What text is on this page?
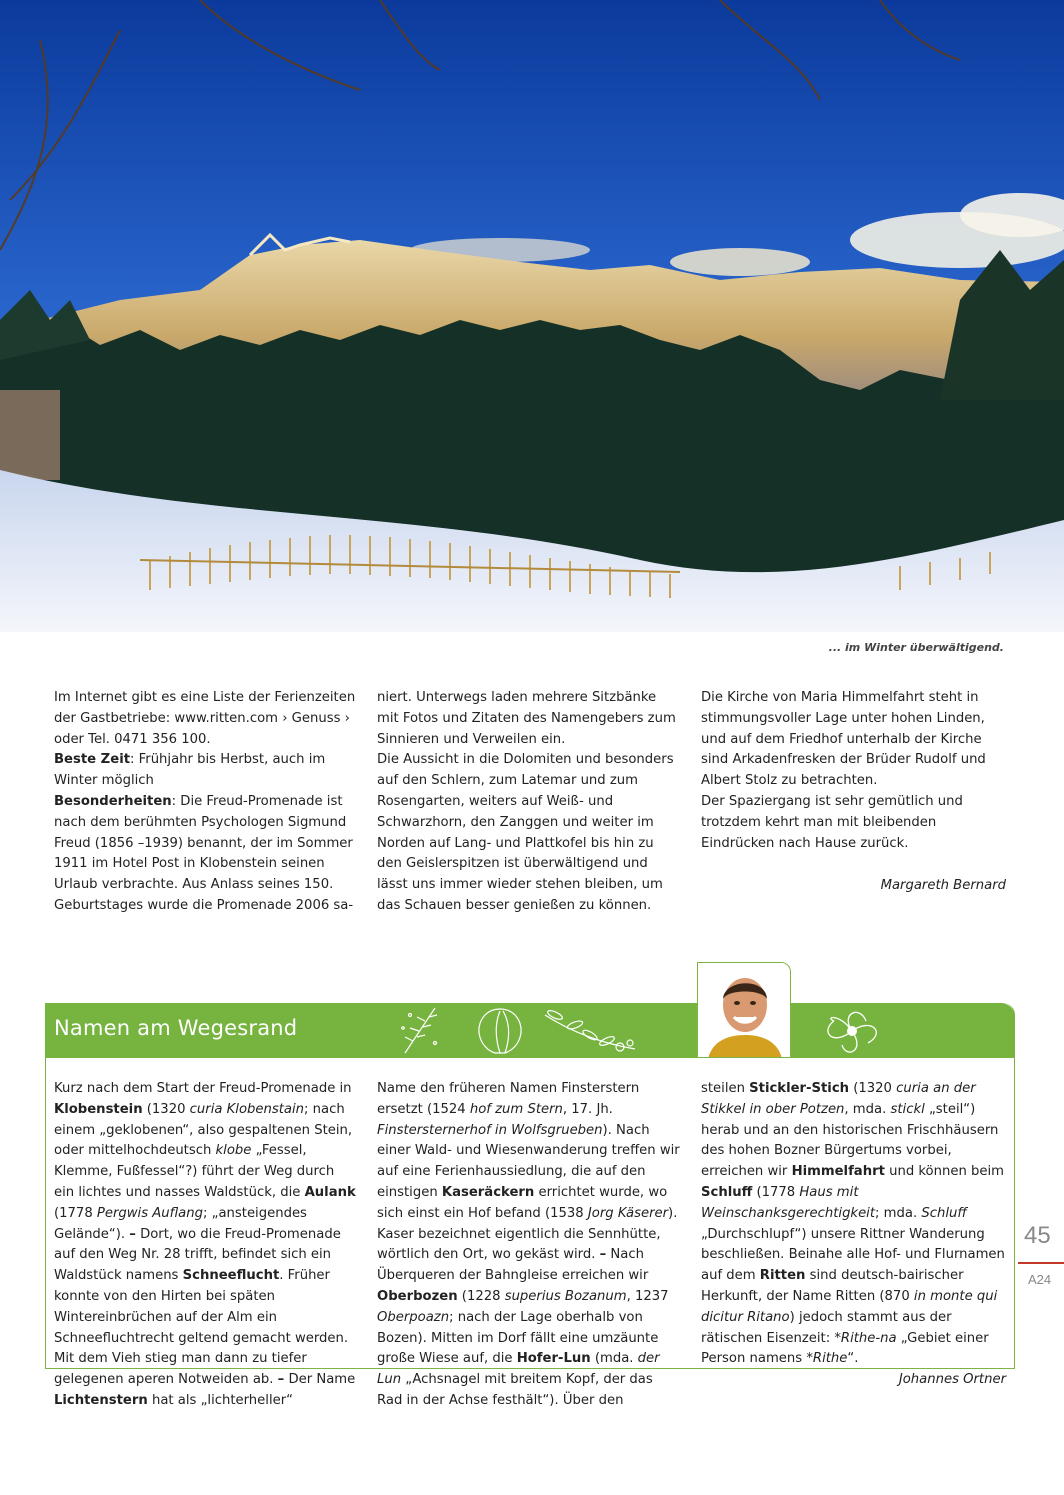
... im Winter überwältigend.

Im Internet gibt es eine Liste der Ferienzeiten der Gastbetriebe: www.ritten.com › Genuss › oder Tel. 0471 356 100.

Beste Zeit: Frühjahr bis Herbst, auch im Winter möglich

Besonderheiten: Die Freud-Promenade ist nach dem berühmten Psychologen Sigmund Freud (1856 –1939) benannt, der im Sommer 1911 im Hotel Post in Klobenstein seinen Urlaub verbrachte. Aus Anlass seines 150. Geburtstages wurde die Promenade 2006 sa-

niert. Unterwegs laden mehrere Sitzbänke mit Fotos und Zitaten des Namengebers zum Sinnieren und Verweilen ein.

Die Aussicht in die Dolomiten und besonders auf den Schlern, zum Latemar und zum Rosengarten, weiters auf Weiß- und Schwarzhorn, den Zanggen und weiter im Norden auf Lang- und Plattkofel bis hin zu den Geislerspitzen ist überwältigend und lässt uns immer wieder stehen bleiben, um das Schauen besser genießen zu können.

Die Kirche von Maria Himmelfahrt steht in stimmungsvoller Lage unter hohen Linden, und auf dem Friedhof unterhalb der Kirche sind Arkadenfresken der Brüder Rudolf und Albert Stolz zu betrachten.

Der Spaziergang ist sehr gemütlich und trotzdem kehrt man mit bleibenden Eindrücken nach Hause zurück.

Margareth Bernard

Namen am Wegesrand

Kurz nach dem Start der Freud-Promenade in Klobenstein (1320 curia Klobenstain; nach einem „geklobenen“, also gespaltenen Stein, oder mittelhochdeutsch klobe „Fessel, Klemme, Fußfessel“?) führt der Weg durch ein lichtes und nasses Waldstück, die Aulank (1778 Pergwis Auflang; „ansteigendes Gelände“). – Dort, wo die Freud-Promenade auf den Weg Nr. 28 trifft, befindet sich ein Waldstück namens Schneeflucht. Früher konnte von den Hirten bei späten Wintereinbrüchen auf der Alm ein Schneefluchtrecht geltend gemacht werden. Mit dem Vieh stieg man dann zu tiefer gelegenen aperen Notweiden ab. – Der Name Lichtenstern hat als „lichterheller“

Name den früheren Namen Finsterstern ersetzt (1524 hof zum Stern, 17. Jh. Finstersternerhof in Wolfsgrueben). Nach einer Wald- und Wiesenwanderung treffen wir auf eine Ferienhaussiedlung, die auf den einstigen Kaseräckern errichtet wurde, wo sich einst ein Hof befand (1538 Jorg Käserer). Kaser bezeichnet eigentlich die Sennhütte, wörtlich den Ort, wo gekäst wird. – Nach Überqueren der Bahngleise erreichen wir Oberbozen (1228 superius Bozanum, 1237 Oberpoazn; nach der Lage oberhalb von Bozen). Mitten im Dorf fällt eine umzäunte große Wiese auf, die Hofer-Lun (mda. der Lun „Achsnagel mit breitem Kopf, der das Rad in der Achse festhält“). Über den

steilen Stickler-Stich (1320 curia an der Stikkel in ober Potzen, mda. stickl „steil“) herab und an den historischen Frischhäusern des hohen Bozner Bürgertums vorbei, erreichen wir Himmelfahrt und können beim Schluff (1778 Haus mit Weinschanksgerechtigkeit; mda. Schluff „Durchschlupf“) unsere Rittner Wanderung beschließen. Beinahe alle Hof- und Flurnamen auf dem Ritten sind deutsch-bairischer Herkunft, der Name Ritten (870 in monte qui dicitur Ritano) jedoch stammt aus der rätischen Eisenzeit: *Rithe-na „Gebiet einer Person namens *Rithe“.

Johannes Ortner

45
A24
